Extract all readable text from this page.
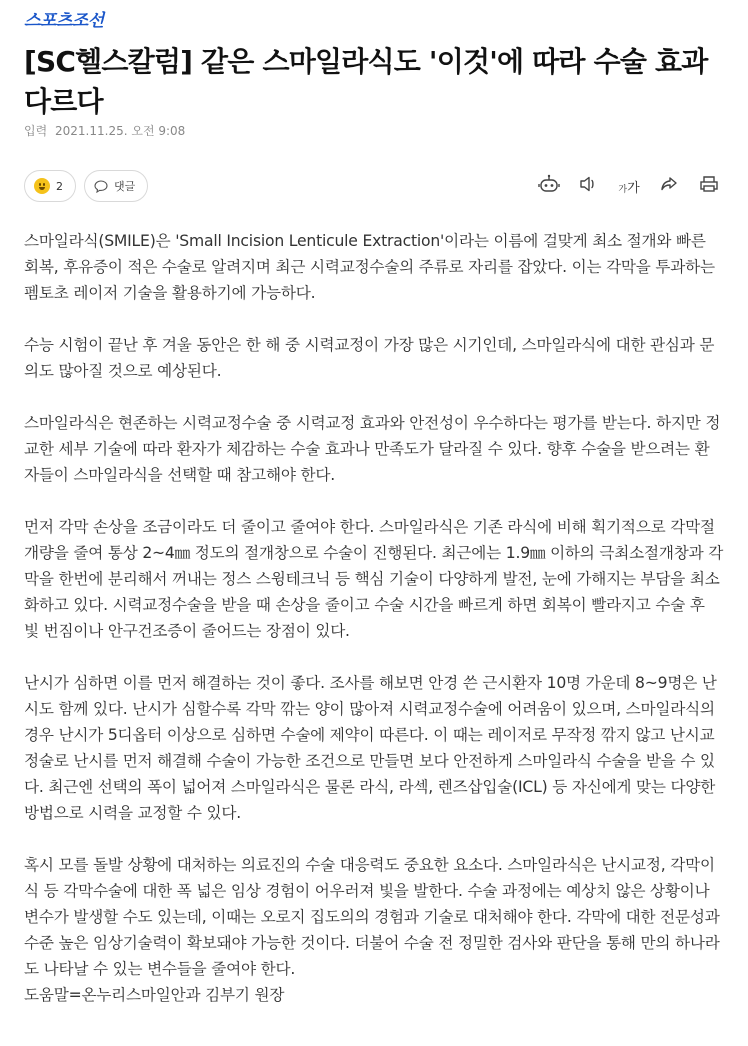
스포츠조선
[SC헬스칼럼] 같은 스마일라식도 '이것'에 따라 수술 효과 다르다
입력 2021.11.25. 오전 9:08
2	댓글	가가

스마일라식(SMILE)은 'Small Incision Lenticule Extraction'이라는 이름에 걸맞게 최소 절개와 빠른 회복, 후유증이 적은 수술로 알려지며 최근 시력교정수술의 주류로 자리를 잡았다. 이는 각막을 투과하는 펨토초 레이저 기술을 활용하기에 가능하다.

수능 시험이 끝난 후 겨울 동안은 한 해 중 시력교정이 가장 많은 시기인데, 스마일라식에 대한 관심과 문의도 많아질 것으로 예상된다.

스마일라식은 현존하는 시력교정수술 중 시력교정 효과와 안전성이 우수하다는 평가를 받는다. 하지만 정교한 세부 기술에 따라 환자가 체감하는 수술 효과나 만족도가 달라질 수 있다. 향후 수술을 받으려는 환자들이 스마일라식을 선택할 때 참고해야 한다.

먼저 각막 손상을 조금이라도 더 줄이고 줄여야 한다. 스마일라식은 기존 라식에 비해 획기적으로 각막절개량을 줄여 통상 2~4㎜ 정도의 절개창으로 수술이 진행된다. 최근에는 1.9㎜ 이하의 극최소절개창과 각막을 한번에 분리해서 꺼내는 정스 스윙테크닉 등 핵심 기술이 다양하게 발전, 눈에 가해지는 부담을 최소화하고 있다. 시력교정수술을 받을 때 손상을 줄이고 수술 시간을 빠르게 하면 회복이 빨라지고 수술 후 빛 번짐이나 안구건조증이 줄어드는 장점이 있다.

난시가 심하면 이를 먼저 해결하는 것이 좋다. 조사를 해보면 안경 쓴 근시환자 10명 가운데 8~9명은 난시도 함께 있다. 난시가 심할수록 각막 깎는 양이 많아져 시력교정수술에 어려움이 있으며, 스마일라식의 경우 난시가 5디옵터 이상으로 심하면 수술에 제약이 따른다. 이 때는 레이저로 무작정 깎지 않고 난시교정술로 난시를 먼저 해결해 수술이 가능한 조건으로 만들면 보다 안전하게 스마일라식 수술을 받을 수 있다. 최근엔 선택의 폭이 넓어져 스마일라식은 물론 라식, 라섹, 렌즈삽입술(ICL) 등 자신에게 맞는 다양한 방법으로 시력을 교정할 수 있다.

혹시 모를 돌발 상황에 대처하는 의료진의 수술 대응력도 중요한 요소다. 스마일라식은 난시교정, 각막이식 등 각막수술에 대한 폭 넓은 임상 경험이 어우러져 빛을 발한다. 수술 과정에는 예상치 않은 상황이나 변수가 발생할 수도 있는데, 이때는 오로지 집도의의 경험과 기술로 대처해야 한다. 각막에 대한 전문성과 수준 높은 임상기술력이 확보돼야 가능한 것이다. 더불어 수술 전 정밀한 검사와 판단을 통해 만의 하나라도 나타날 수 있는 변수들을 줄여야 한다.

도움말=온누리스마일안과 김부기 원장
